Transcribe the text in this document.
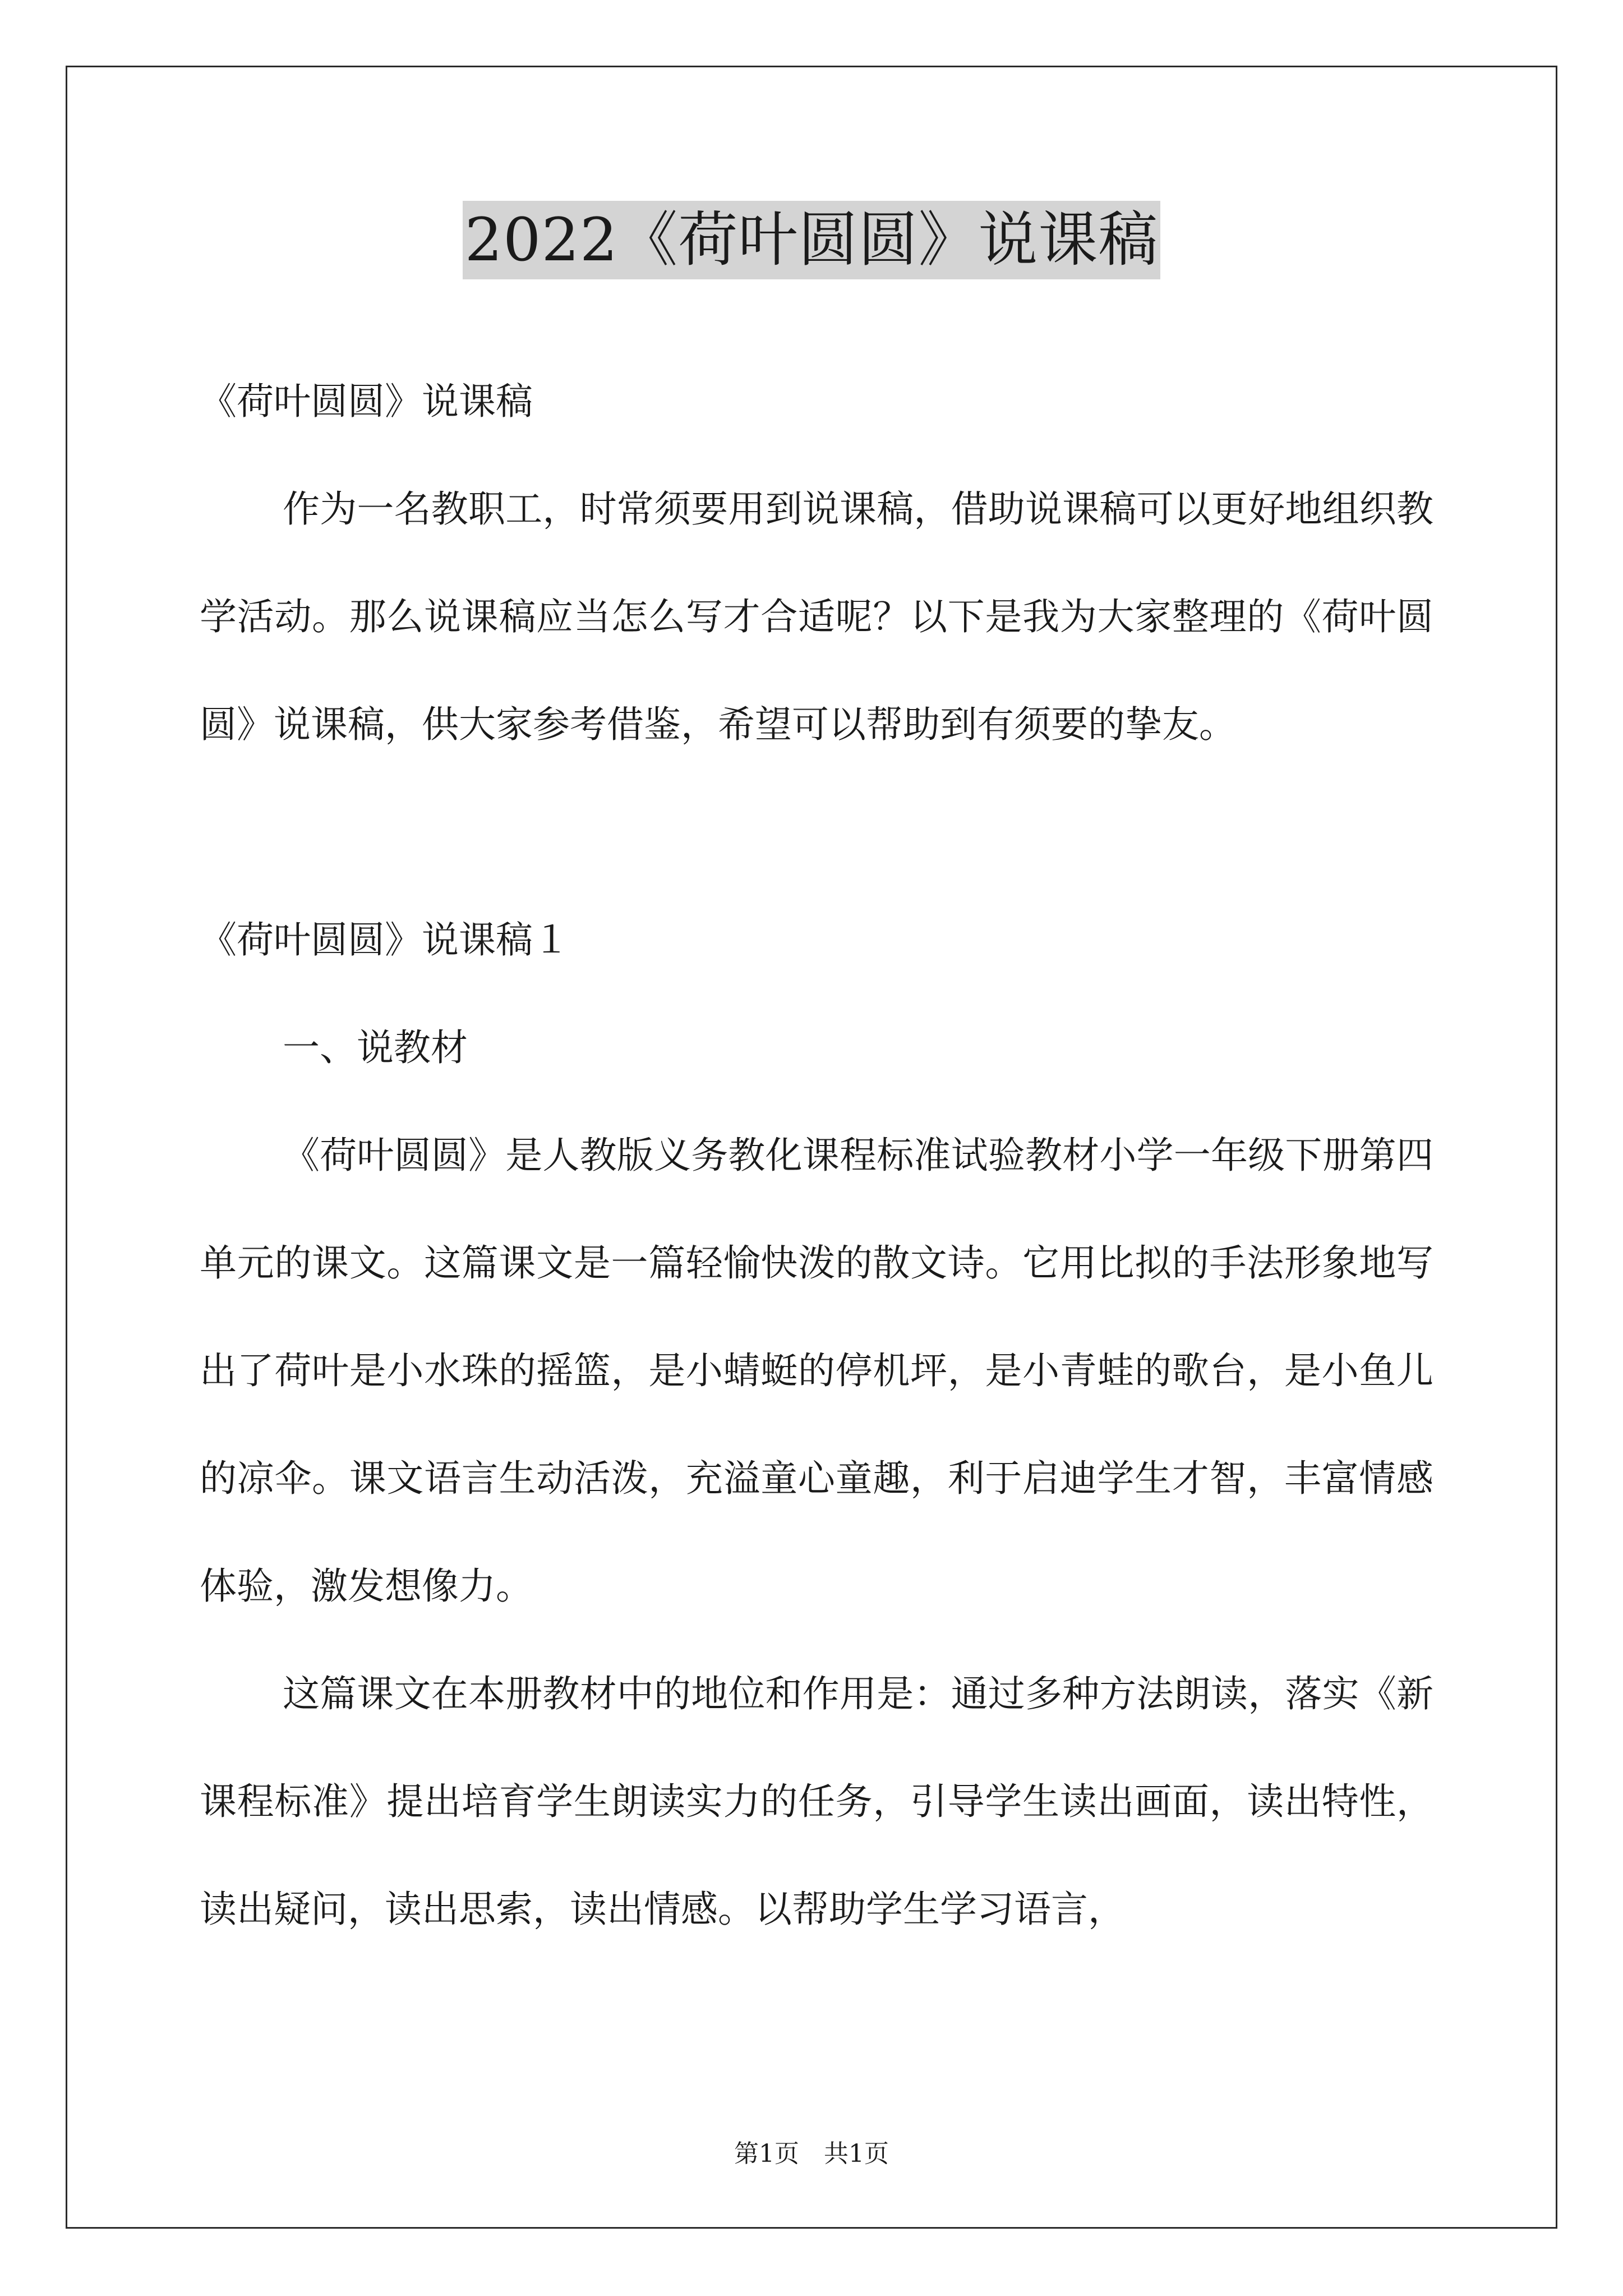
2022《荷叶圆圆》说课稿

《荷叶圆圆》说课稿

作为一名教职工，时常须要用到说课稿，借助说课稿可以更好地组织教学活动。那么说课稿应当怎么写才合适呢？以下是我为大家整理的《荷叶圆圆》说课稿，供大家参考借鉴，希望可以帮助到有须要的挚友。

《荷叶圆圆》说课稿１

一、说教材

《荷叶圆圆》是人教版义务教化课程标准试验教材小学一年级下册第四单元的课文。这篇课文是一篇轻愉快泼的散文诗。它用比拟的手法形象地写出了荷叶是小水珠的摇篮，是小蜻蜓的停机坪，是小青蛙的歌台，是小鱼儿的凉伞。课文语言生动活泼，充溢童心童趣，利于启迪学生才智，丰富情感体验，激发想像力。

这篇课文在本册教材中的地位和作用是：通过多种方法朗读，落实《新课程标准》提出培育学生朗读实力的任务，引导学生读出画面，读出特性，读出疑问，读出思索，读出情感。以帮助学生学习语言，

第1页　共1页
